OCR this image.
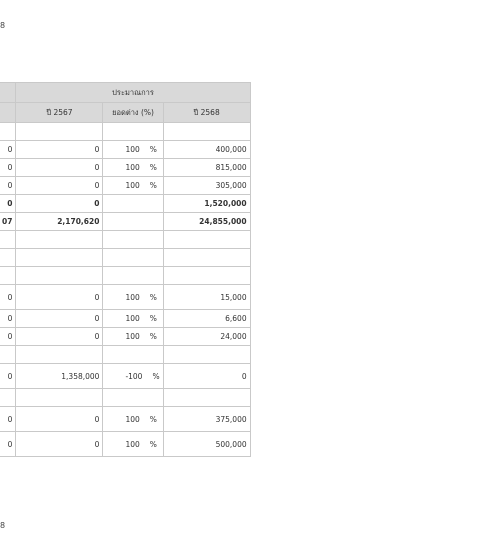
8
	ประมาณการ		
	ปี 2567	ยอดต่าง (%)	ปี 2568

0	0	100 %	400,000
0	0	100 %	815,000
0	0	100 %	305,000
0	0		1,520,000
07	2,170,620		24,855,000

0	0	100 %	15,000
0	0	100 %	6,600
0	0	100 %	24,000

0	1,358,000	-100 %	0

0	0	100 %	375,000
0	0	100 %	500,000
8
